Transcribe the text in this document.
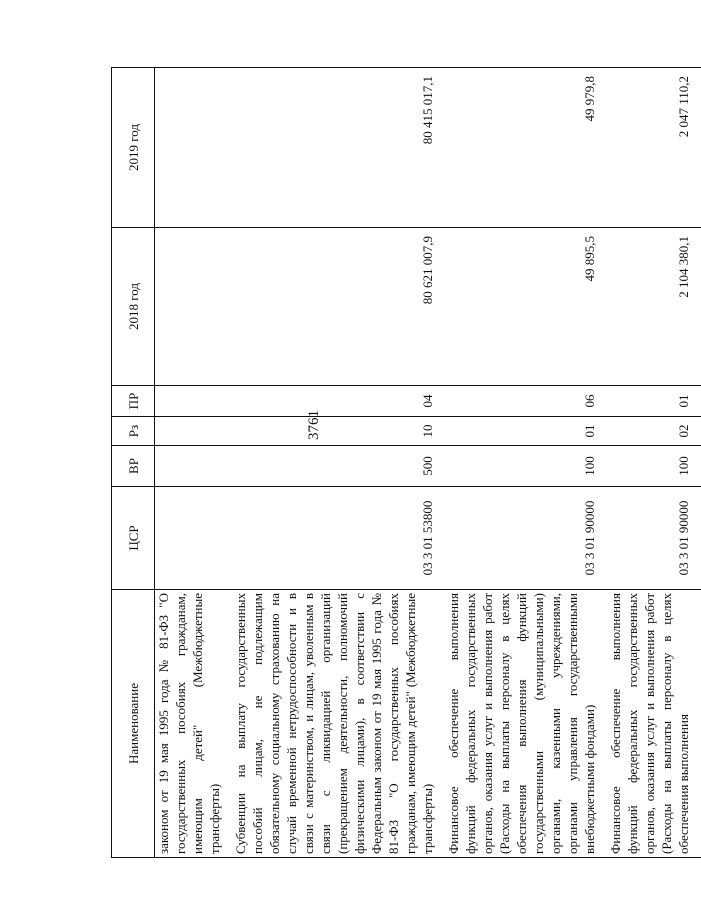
3761
Наименование	ЦСР	ВР	Рз	ПР	2018 год	2019 год
законом от 19 мая 1995 года № 81-ФЗ "О государственных пособиях гражданам, имеющим детей" (Межбюджетные трансферты)						
Субвенции на выплату государственных пособий лицам, не подлежащим обязательному социальному страхованию на случай временной нетрудоспособности и в связи с материнством, и лицам, уволенным в связи с ликвидацией организаций (прекращением деятельности, полномочий физическими лицами), в соответствии с Федеральным законом от 19 мая 1995 года № 81-ФЗ "О государственных пособиях гражданам, имеющим детей" (Межбюджетные трансферты)	03 3 01 53800	500	10	04	80 621 007,9	80 415 017,1
Финансовое обеспечение выполнения функций федеральных государственных органов, оказания услуг и выполнения работ (Расходы на выплаты персоналу в целях обеспечения выполнения функций государственными (муниципальными) органами, казенными учреждениями, органами управления государственными внебюджетными фондами)	03 3 01 90000	100	01	06	49 895,5	49 979,8
Финансовое обеспечение выполнения функций федеральных государственных органов, оказания услуг и выполнения работ (Расходы на выплаты персоналу в целях обеспечения выполнения	03 3 01 90000	100	02	01	2 104 380,1	2 047 110,2
